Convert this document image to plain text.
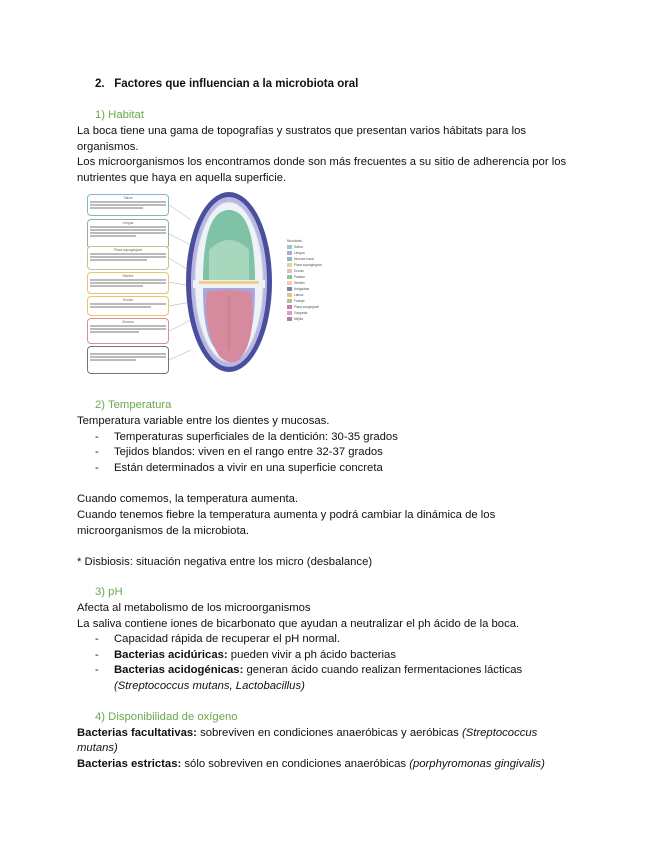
2. Factores que influencian a la microbiota oral
1) Habitat
La boca tiene una gama de topografías y sustratos que presentan varios hábitats para los
organismos.
Los microorganismos los encontramos donde son más frecuentes a su sitio de adherencia por los
nutrientes que haya en aquella superficie.
Saliva
Lengua
Placa supragingival
Dientes
Encías
Mucosa

Microbiota
Saliva
Lengua
Mucosa bucal
Placa supragingival
Encías
Paladar
Dientes
Amígdalas
Labios
Faringe
Placa subgingival
Garganta
Mejilla
2) Temperatura
Temperatura variable entre los dientes y mucosas.
- Temperaturas superficiales de la dentición: 30-35 grados
- Tejidos blandos: viven en el rango entre 32-37 grados
- Están determinados a vivir en una superficie concreta
Cuando comemos, la temperatura aumenta.
Cuando tenemos fiebre la temperatura aumenta y podrá cambiar la dinámica de los
microorganismos de la microbiota.
* Disbiosis: situación negativa entre los micro (desbalance)
3) pH
Afecta al metabolismo de los microorganismos
La saliva contiene iones de bicarbonato que ayudan a neutralizar el ph ácido de la boca.
- Capacidad rápida de recuperar el pH normal.
- Bacterias acidúricas: pueden vivir a ph ácido bacterias
- Bacterias acidogénicas: generan ácido cuando realizan fermentaciones lácticas
(Streptococcus mutans, Lactobacillus)
4) Disponibilidad de oxígeno
Bacterias facultativas: sobreviven en condiciones anaeróbicas y aeróbicas (Streptococcus
mutans)
Bacterias estrictas: sólo sobreviven en condiciones anaeróbicas (porphyromonas gingivalis)
